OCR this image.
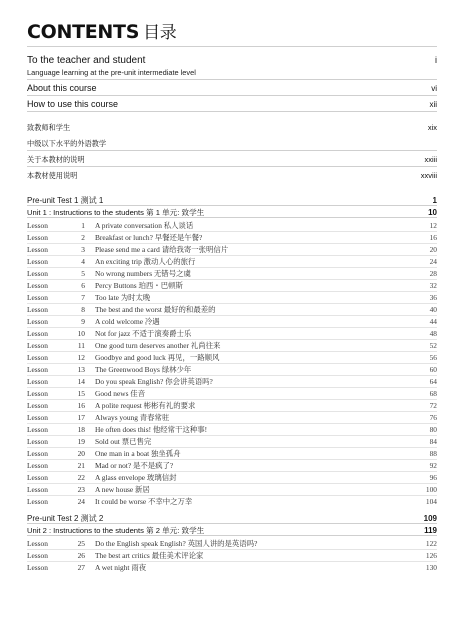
CONTENTS 目录
To the teacher and student	i
Language learning at the pre-unit intermediate level
About this course	vi
How to use this course	xii
致教师和学生	xix
中级以下水平的外语教学
关于本教材的说明	xxiii
本教材使用说明	xxviii
Pre-unit Test 1 测试 1	1
Unit 1 : Instructions to the students 第 1 单元: 致学生	10
Lesson	1 A private conversation 私人谈话	12
Lesson	2 Breakfast or lunch? 早餐还是午餐?	16
Lesson	3 Please send me a card 请给我寄一张明信片	20
Lesson	4 An exciting trip 激动人心的旅行	24
Lesson	5 No wrong numbers 无错号之虞	28
Lesson	6 Percy Buttons 珀西・巴顿斯	32
Lesson	7 Too late 为时太晚	36
Lesson	8 The best and the worst 最好的和最差的	40
Lesson	9 A cold welcome 冷遇	44
Lesson	10 Not for jazz 不适于演奏爵士乐	48
Lesson	11 One good turn deserves another 礼尚往来	52
Lesson	12 Goodbye and good luck 再见，一路顺风	56
Lesson	13 The Greenwood Boys 绿林少年	60
Lesson	14 Do you speak English? 你会讲英语吗?	64
Lesson	15 Good news 佳音	68
Lesson	16 A polite request 彬彬有礼的要求	72
Lesson	17 Always young 青春常驻	76
Lesson	18 He often does this! 他经常干这种事!	80
Lesson	19 Sold out 票已售完	84
Lesson	20 One man in a boat 独坐孤舟	88
Lesson	21 Mad or not? 是不是疯了?	92
Lesson	22 A glass envelope 玻璃信封	96
Lesson	23 A new house 新居	100
Lesson	24 It could be worse 不幸中之万幸	104
Pre-unit Test 2 测试 2	109
Unit 2 : Instructions to the students 第 2 单元: 致学生	119
Lesson	25 Do the English speak English? 英国人讲的是英语吗?	122
Lesson	26 The best art critics 最佳美术评论家	126
Lesson	27 A wet night 雨夜	130
